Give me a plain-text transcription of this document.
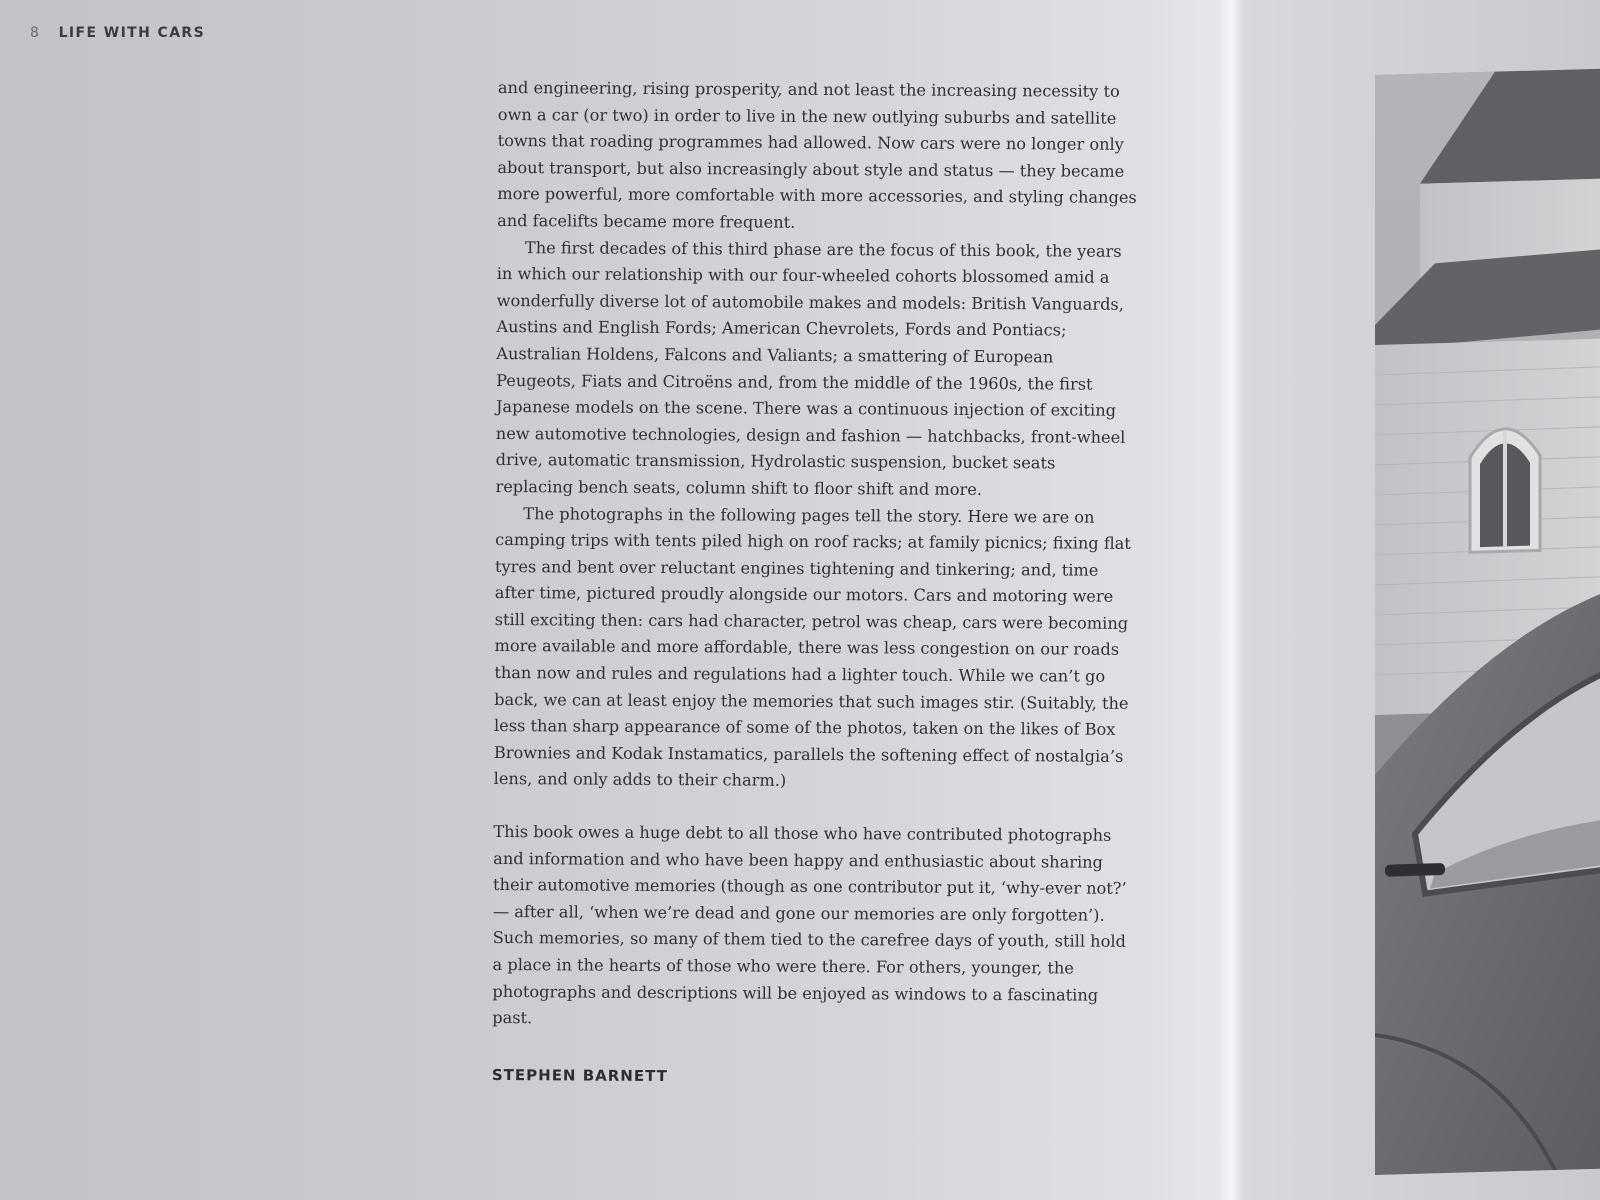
8 LIFE WITH CARS

and engineering, rising prosperity, and not least the increasing necessity to own a car (or two) in order to live in the new outlying suburbs and satellite towns that roading programmes had allowed. Now cars were no longer only about transport, but also increasingly about style and status — they became more powerful, more comfortable with more accessories, and styling changes and facelifts became more frequent.

The first decades of this third phase are the focus of this book, the years in which our relationship with our four-wheeled cohorts blossomed amid a wonderfully diverse lot of automobile makes and models: British Vanguards, Austins and English Fords; American Chevrolets, Fords and Pontiacs; Australian Holdens, Falcons and Valiants; a smattering of European Peugeots, Fiats and Citroëns and, from the middle of the 1960s, the first Japanese models on the scene. There was a continuous injection of exciting new automotive technologies, design and fashion — hatchbacks, front-wheel drive, automatic transmission, Hydrolastic suspension, bucket seats replacing bench seats, column shift to floor shift and more.

The photographs in the following pages tell the story. Here we are on camping trips with tents piled high on roof racks; at family picnics; fixing flat tyres and bent over reluctant engines tightening and tinkering; and, time after time, pictured proudly alongside our motors. Cars and motoring were still exciting then: cars had character, petrol was cheap, cars were becoming more available and more affordable, there was less congestion on our roads than now and rules and regulations had a lighter touch. While we can’t go back, we can at least enjoy the memories that such images stir. (Suitably, the less than sharp appearance of some of the photos, taken on the likes of Box Brownies and Kodak Instamatics, parallels the softening effect of nostalgia’s lens, and only adds to their charm.)

This book owes a huge debt to all those who have contributed photographs and information and who have been happy and enthusiastic about sharing their automotive memories (though as one contributor put it, ‘why-ever not?’ — after all, ‘when we’re dead and gone our memories are only forgotten’). Such memories, so many of them tied to the carefree days of youth, still hold a place in the hearts of those who were there. For others, younger, the photographs and descriptions will be enjoyed as windows to a fascinating past.

STEPHEN BARNETT
